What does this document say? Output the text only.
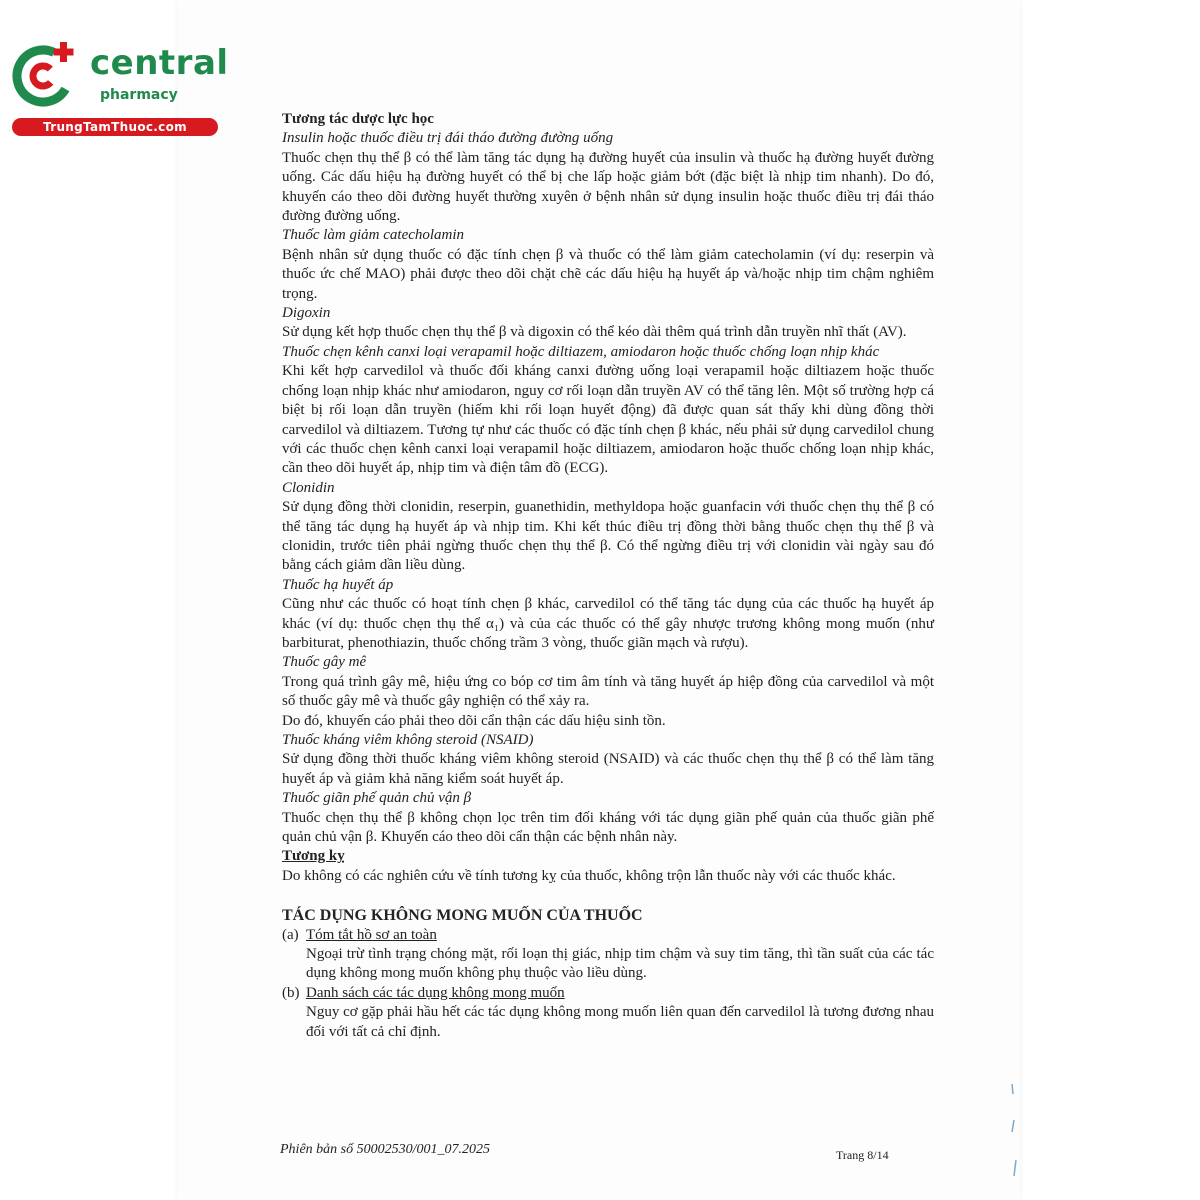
central
pharmacy
TrungTamThuoc.com	Tương tác dược lực học

Insulin hoặc thuốc điều trị đái tháo đường đường uống

Thuốc chẹn thụ thể β có thể làm tăng tác dụng hạ đường huyết của insulin và thuốc hạ đường huyết đường uống. Các dấu hiệu hạ đường huyết có thể bị che lấp hoặc giảm bớt (đặc biệt là nhịp tim nhanh). Do đó, khuyến cáo theo dõi đường huyết thường xuyên ở bệnh nhân sử dụng insulin hoặc thuốc điều trị đái tháo đường đường uống.

Thuốc làm giảm catecholamin

Bệnh nhân sử dụng thuốc có đặc tính chẹn β và thuốc có thể làm giảm catecholamin (ví dụ: reserpin và thuốc ức chế MAO) phải được theo dõi chặt chẽ các dấu hiệu hạ huyết áp và/hoặc nhịp tim chậm nghiêm trọng.

Digoxin

Sử dụng kết hợp thuốc chẹn thụ thể β và digoxin có thể kéo dài thêm quá trình dẫn truyền nhĩ thất (AV).

Thuốc chẹn kênh canxi loại verapamil hoặc diltiazem, amiodaron hoặc thuốc chống loạn nhịp khác

Khi kết hợp carvedilol và thuốc đối kháng canxi đường uống loại verapamil hoặc diltiazem hoặc thuốc chống loạn nhịp khác như amiodaron, nguy cơ rối loạn dẫn truyền AV có thể tăng lên. Một số trường hợp cá biệt bị rối loạn dẫn truyền (hiếm khi rối loạn huyết động) đã được quan sát thấy khi dùng đồng thời carvedilol và diltiazem. Tương tự như các thuốc có đặc tính chẹn β khác, nếu phải sử dụng carvedilol chung với các thuốc chẹn kênh canxi loại verapamil hoặc diltiazem, amiodaron hoặc thuốc chống loạn nhịp khác, cần theo dõi huyết áp, nhịp tim và điện tâm đồ (ECG).

Clonidin

Sử dụng đồng thời clonidin, reserpin, guanethidin, methyldopa hoặc guanfacin với thuốc chẹn thụ thể β có thể tăng tác dụng hạ huyết áp và nhịp tim. Khi kết thúc điều trị đồng thời bằng thuốc chẹn thụ thể β và clonidin, trước tiên phải ngừng thuốc chẹn thụ thể β. Có thể ngừng điều trị với clonidin vài ngày sau đó bằng cách giảm dần liều dùng.

Thuốc hạ huyết áp

Cũng như các thuốc có hoạt tính chẹn β khác, carvedilol có thể tăng tác dụng của các thuốc hạ huyết áp khác (ví dụ: thuốc chẹn thụ thể α₁) và của các thuốc có thể gây nhược trương không mong muốn (như barbiturat, phenothiazin, thuốc chống trầm 3 vòng, thuốc giãn mạch và rượu).

Thuốc gây mê

Trong quá trình gây mê, hiệu ứng co bóp cơ tim âm tính và tăng huyết áp hiệp đồng của carvedilol và một số thuốc gây mê và thuốc gây nghiện có thể xảy ra.

Do đó, khuyến cáo phải theo dõi cẩn thận các dấu hiệu sinh tồn.

Thuốc kháng viêm không steroid (NSAID)

Sử dụng đồng thời thuốc kháng viêm không steroid (NSAID) và các thuốc chẹn thụ thể β có thể làm tăng huyết áp và giảm khả năng kiểm soát huyết áp.

Thuốc giãn phế quản chủ vận β

Thuốc chẹn thụ thể β không chọn lọc trên tim đối kháng với tác dụng giãn phế quản của thuốc giãn phế quản chủ vận β. Khuyến cáo theo dõi cẩn thận các bệnh nhân này.

Tương kỵ

Do không có các nghiên cứu về tính tương kỵ của thuốc, không trộn lẫn thuốc này với các thuốc khác.

TÁC DỤNG KHÔNG MONG MUỐN CỦA THUỐC

(a) Tóm tắt hồ sơ an toàn

Ngoại trừ tình trạng chóng mặt, rối loạn thị giác, nhịp tim chậm và suy tim tăng, thì tần suất của các tác dụng không mong muốn không phụ thuộc vào liều dùng.

(b) Danh sách các tác dụng không mong muốn

Nguy cơ gặp phải hầu hết các tác dụng không mong muốn liên quan đến carvedilol là tương đương nhau đối với tất cả chỉ định.

Phiên bản số 50002530/001_07.2025	Trang 8/14
